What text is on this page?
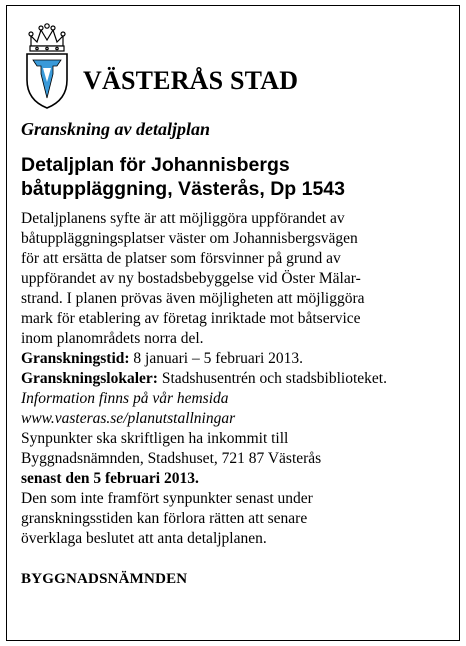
VÄSTERÅS STAD
Granskning av detaljplan
Detaljplan för Johannisbergs
båtuppläggning, Västerås, Dp 1543
Detaljplanens syfte är att möjliggöra uppförandet av
båtuppläggningsplatser väster om Johannisbergsvägen
för att ersätta de platser som försvinner på grund av
uppförandet av ny bostadsbebyggelse vid Öster Mälar-
strand. I planen prövas även möjligheten att möjliggöra
mark för etablering av företag inriktade mot båtservice
inom planområdets norra del.
Granskningstid: 8 januari – 5 februari 2013.
Granskningslokaler: Stadshusentrén och stadsbiblioteket.
Information finns på vår hemsida
www.vasteras.se/planutstallningar
Synpunkter ska skriftligen ha inkommit till
Byggnadsnämnden, Stadshuset, 721 87 Västerås
senast den 5 februari 2013.
Den som inte framfört synpunkter senast under
granskningsstiden kan förlora rätten att senare
överklaga beslutet att anta detaljplanen.
BYGGNADSNÄMNDEN
